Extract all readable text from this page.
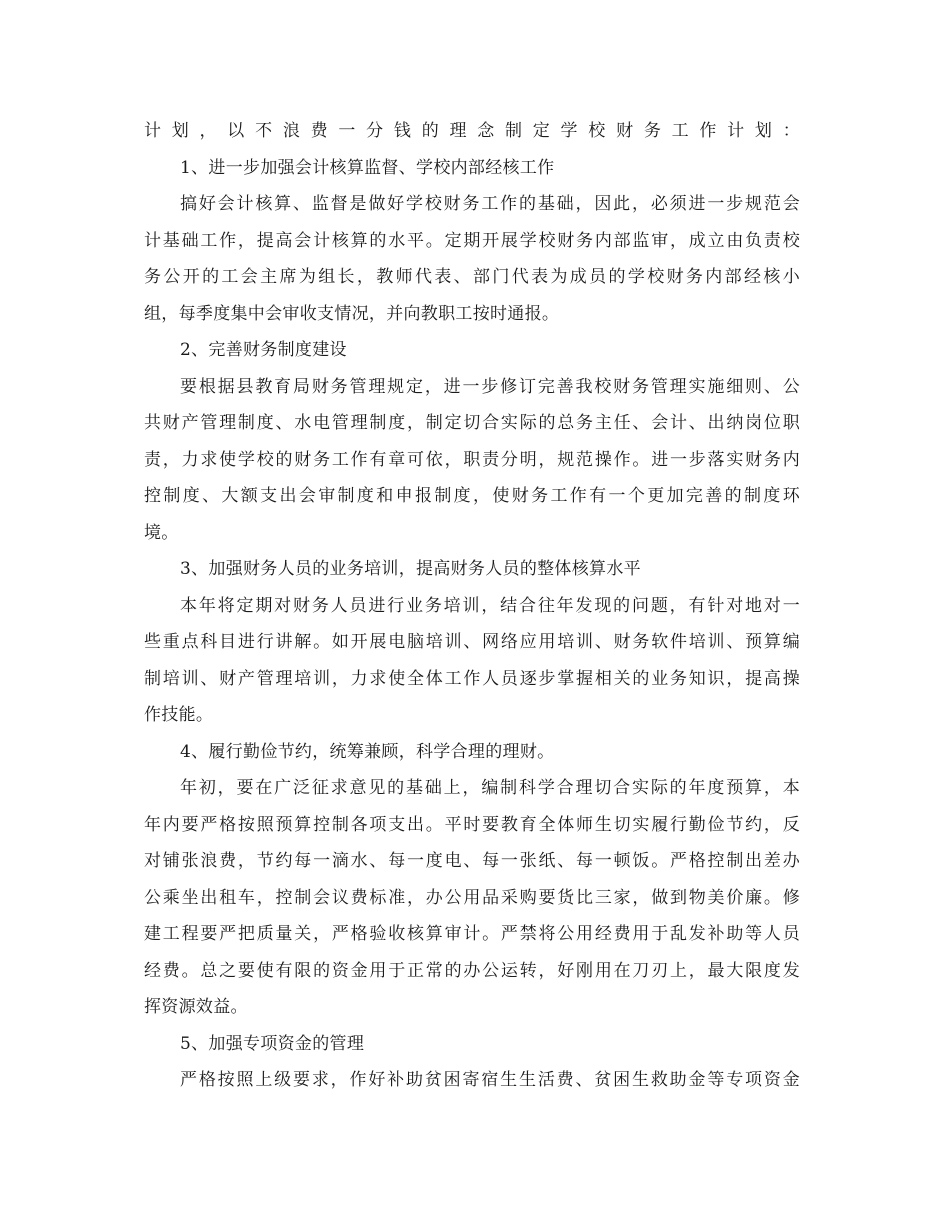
计划，以不浪费一分钱的理念制定学校财务工作计划：
1、进一步加强会计核算监督、学校内部经核工作
搞好会计核算、监督是做好学校财务工作的基础，因此，必须进一步规范会
计基础工作，提高会计核算的水平。定期开展学校财务内部监审，成立由负责校
务公开的工会主席为组长，教师代表、部门代表为成员的学校财务内部经核小
组，每季度集中会审收支情况，并向教职工按时通报。
2、完善财务制度建设
要根据县教育局财务管理规定，进一步修订完善我校财务管理实施细则、公
共财产管理制度、水电管理制度，制定切合实际的总务主任、会计、出纳岗位职
责，力求使学校的财务工作有章可依，职责分明，规范操作。进一步落实财务内
控制度、大额支出会审制度和申报制度，使财务工作有一个更加完善的制度环
境。
3、加强财务人员的业务培训，提高财务人员的整体核算水平
本年将定期对财务人员进行业务培训，结合往年发现的问题，有针对地对一
些重点科目进行讲解。如开展电脑培训、网络应用培训、财务软件培训、预算编
制培训、财产管理培训，力求使全体工作人员逐步掌握相关的业务知识，提高操
作技能。
4、履行勤俭节约，统筹兼顾，科学合理的理财。
年初，要在广泛征求意见的基础上，编制科学合理切合实际的年度预算，本
年内要严格按照预算控制各项支出。平时要教育全体师生切实履行勤俭节约，反
对铺张浪费，节约每一滴水、每一度电、每一张纸、每一顿饭。严格控制出差办
公乘坐出租车，控制会议费标准，办公用品采购要货比三家，做到物美价廉。修
建工程要严把质量关，严格验收核算审计。严禁将公用经费用于乱发补助等人员
经费。总之要使有限的资金用于正常的办公运转，好刚用在刀刃上，最大限度发
挥资源效益。
5、加强专项资金的管理
严格按照上级要求，作好补助贫困寄宿生生活费、贫困生救助金等专项资金
